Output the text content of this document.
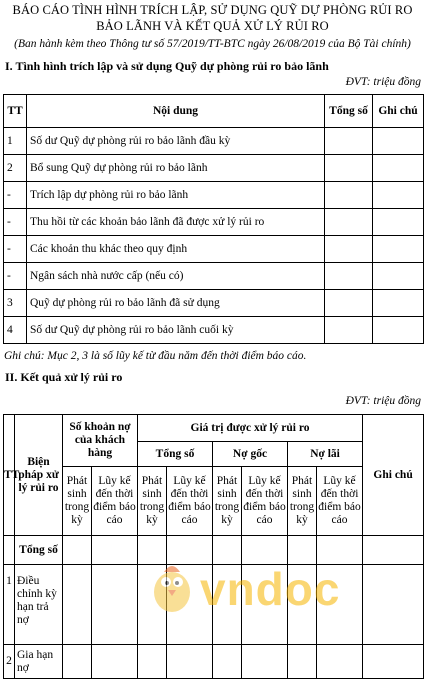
BÁO CÁO TÌNH HÌNH TRÍCH LẬP, SỬ DỤNG QUỸ DỰ PHÒNG RỦI RO BẢO LÃNH VÀ KẾT QUẢ XỬ LÝ RỦI RO
(Ban hành kèm theo Thông tư số 57/2019/TT-BTC ngày 26/08/2019 của Bộ Tài chính)
I. Tình hình trích lập và sử dụng Quỹ dự phòng rủi ro bảo lãnh
ĐVT: triệu đồng
TT	Nội dung	Tổng số	Ghi chú
1	Số dư Quỹ dự phòng rủi ro bảo lãnh đầu kỳ		
2	Bổ sung Quỹ dự phòng rủi ro bảo lãnh		
-	Trích lập dự phòng rủi ro bảo lãnh		
-	Thu hồi từ các khoản bảo lãnh đã được xử lý rủi ro		
-	Các khoản thu khác theo quy định		
-	Ngân sách nhà nước cấp (nếu có)		
3	Quỹ dự phòng rủi ro bảo lãnh đã sử dụng		
4	Số dư Quỹ dự phòng rủi ro bảo lãnh cuối kỳ		
Ghi chú: Mục 2, 3 là số lũy kế từ đầu năm đến thời điểm báo cáo.
II. Kết quả xử lý rủi ro
ĐVT: triệu đồng
TT	Biện pháp xử lý rủi ro	Số khoản nợ của khách hàng		Giá trị được xử lý rủi ro						Ghi chú
				Tổng số		Nợ gốc		Nợ lãi		
		Phát sinh trong kỳ	Lũy kế đến thời điểm báo cáo	Phát sinh trong kỳ	Lũy kế đến thời điểm báo cáo	Phát sinh trong kỳ	Lũy kế đến thời điểm báo cáo	Phát sinh trong kỳ	Lũy kế đến thời điểm báo cáo	
	Tổng số									
1	Điều chỉnh kỳ hạn trả nợ									
2	Gia hạn nợ									
vndoc
